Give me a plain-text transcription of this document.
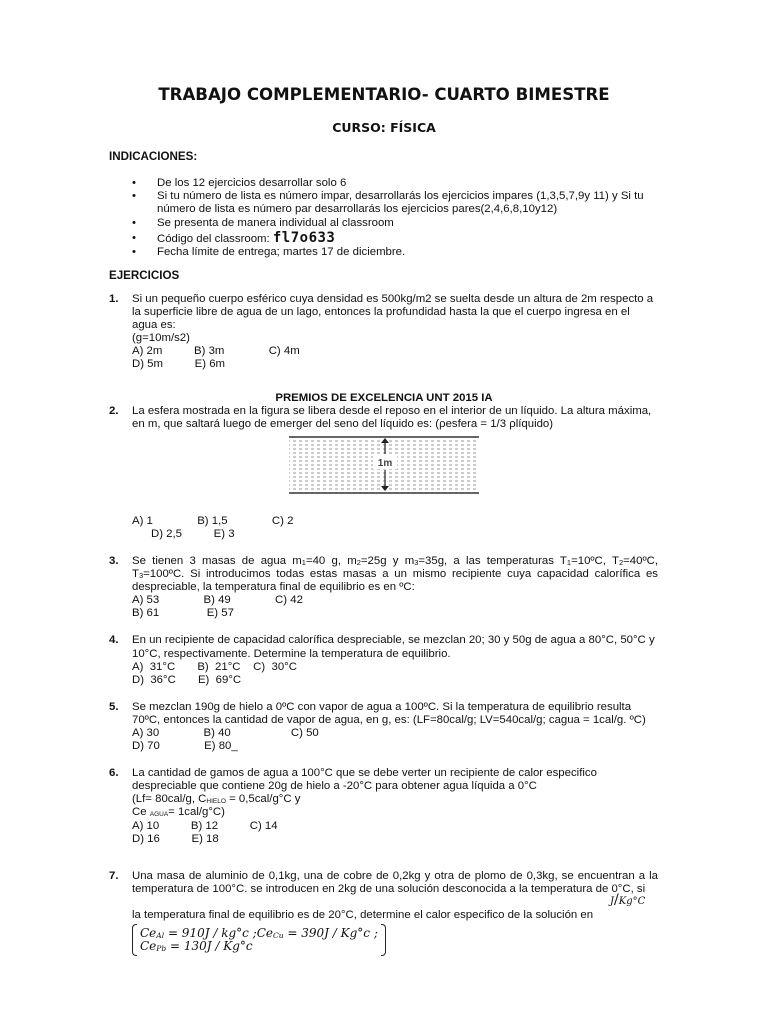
TRABAJO COMPLEMENTARIO- CUARTO BIMESTRE
CURSO: FÍSICA
INDICACIONES:
• De los 12 ejercicios desarrollar solo 6
• Si tu número de lista es número impar, desarrollarás los ejercicios impares (1,3,5,7,9y 11) y Si tu número de lista es número par desarrollarás los ejercicios pares(2,4,6,8,10y12)
• Se presenta de manera individual al classroom
• Código del classroom: fl7o633
• Fecha límite de entrega; martes 17 de diciembre.
EJERCICIOS
1. Si un pequeño cuerpo esférico cuya densidad es 500kg/m2 se suelta desde un altura de 2m respecto a la superficie libre de agua de un lago, entonces la profundidad hasta la que el cuerpo ingresa en el agua es:
(g=10m/s2)
A) 2m          B) 3m              C) 4m
D) 5m          E) 6m
PREMIOS DE EXCELENCIA UNT 2015 IA
2. La esfera mostrada en la figura se libera desde el reposo en el interior de un líquido. La altura máxima, en m, que saltará luego de emerger del seno del líquido es: (ρesfera = 1/3 ρlíquido)
1m
A) 1              B) 1,5              C) 2
D) 2,5          E) 3
3. Se tienen 3 masas de agua $m_1=40$ g, $m_2=25g$ y $m_3=35g$, a las temperaturas $T_1=10ºC$, $T_2=40ºC$, $T_3=100ºC$. Si introducimos todas estas masas a un mismo recipiente cuya capacidad calorífica es despreciable, la temperatura final de equilibrio es en ºC:
A) 53              B) 49              C) 42
B) 61               E) 57
4. En un recipiente de capacidad calorífica despreciable, se mezclan 20; 30 y 50g de agua a 80°C, 50°C y 10°C, respectivamente. Determine la temperatura de equilibrio.
A)  31°C       B)  21°C    C)  30°C
D)  36°C       E)  69°C
5. Se mezclan 190g de hielo a 0ºC con vapor de agua a 100ºC. Si la temperatura de equilibrio resulta 70ºC, entonces la cantidad de vapor de agua, en g, es: (LF=80cal/g; LV=540cal/g; cagua = 1cal/g. ºC)
A) 30              B) 40                   C) 50
D) 70              E) 80_
6. La cantidad de gamos de agua a 100°C que se debe verter un recipiente de calor especifico despreciable que contiene 20g de hielo a -20°C para obtener agua líquida a 0°C
(Lf= 80cal/g, $C_{HIELO} = 0,5cal/g^\circ C$ y
Ce $_{AGUA}$= 1cal/g°C)
A) 10          B) 12          C) 14
D) 16          E) 18
7. Una masa de aluminio de 0,1kg, una de cobre de 0,2kg y otra de plomo de 0,3kg, se encuentran a la temperatura de 100°C. se introducen en 2kg de una solución desconocida a la temperatura de 0°C, si
la temperatura final de equilibrio es de 20°C, determine el calor especifico de la solución en
J/Kg°C
$Ce_{Al} = 910J / kg^\circ c$ $;Ce_{Cu} = 390J / Kg^\circ c$ ;
$Ce_{Pb} = 130J / Kg^\circ c$
